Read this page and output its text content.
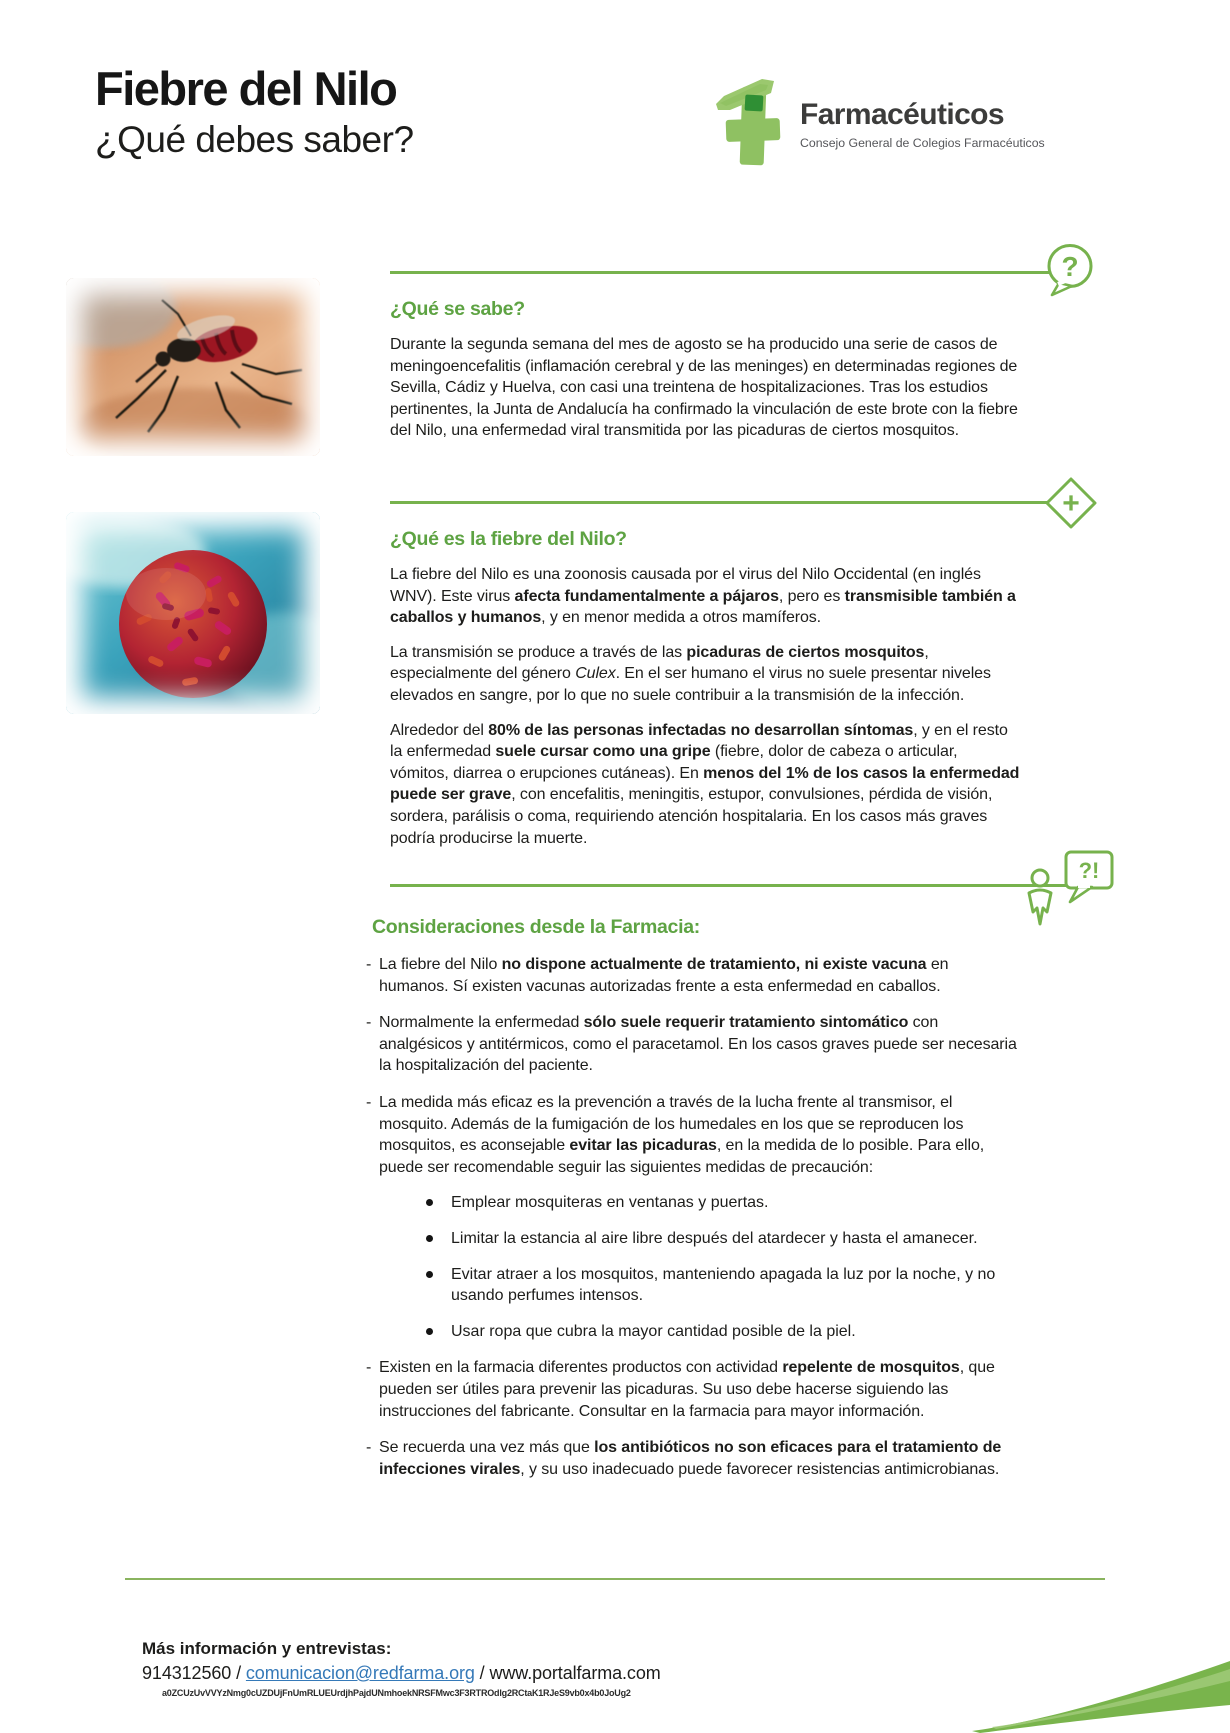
Fiebre del Nilo
¿Qué debes saber?
Farmacéuticos
Consejo General de Colegios Farmacéuticos
?
¿Qué se sabe?

Durante la segunda semana del mes de agosto se ha producido una serie de casos de meningoencefalitis (inflamación cerebral y de las meninges) en determinadas regiones de Sevilla, Cádiz y Huelva, con casi una treintena de hospitalizaciones. Tras los estudios pertinentes, la Junta de Andalucía ha confirmado la vinculación de este brote con la fiebre del Nilo, una enfermedad viral transmitida por las picaduras de ciertos mosquitos.

+
¿Qué es la fiebre del Nilo?

La fiebre del Nilo es una zoonosis causada por el virus del Nilo Occidental (en inglés WNV). Este virus afecta fundamentalmente a pájaros, pero es transmisible también a caballos y humanos, y en menor medida a otros mamíferos.

La transmisión se produce a través de las picaduras de ciertos mosquitos, especialmente del género Culex. En el ser humano el virus no suele presentar niveles elevados en sangre, por lo que no suele contribuir a la transmisión de la infección.

Alrededor del 80% de las personas infectadas no desarrollan síntomas, y en el resto la enfermedad suele cursar como una gripe (fiebre, dolor de cabeza o articular, vómitos, diarrea o erupciones cutáneas). En menos del 1% de los casos la enfermedad puede ser grave, con encefalitis, meningitis, estupor, convulsiones, pérdida de visión, sordera, parálisis o coma, requiriendo atención hospitalaria. En los casos más graves podría producirse la muerte.

?!
Consideraciones desde la Farmacia:
- La fiebre del Nilo no dispone actualmente de tratamiento, ni existe vacuna en humanos. Sí existen vacunas autorizadas frente a esta enfermedad en caballos.
- Normalmente la enfermedad sólo suele requerir tratamiento sintomático con analgésicos y antitérmicos, como el paracetamol. En los casos graves puede ser necesaria la hospitalización del paciente.
- La medida más eficaz es la prevención a través de la lucha frente al transmisor, el mosquito. Además de la fumigación de los humedales en los que se reproducen los mosquitos, es aconsejable evitar las picaduras, en la medida de lo posible. Para ello, puede ser recomendable seguir las siguientes medidas de precaución:
Emplear mosquiteras en ventanas y puertas.
Limitar la estancia al aire libre después del atardecer y hasta el amanecer.
Evitar atraer a los mosquitos, manteniendo apagada la luz por la noche, y no usando perfumes intensos.
Usar ropa que cubra la mayor cantidad posible de la piel.
- Existen en la farmacia diferentes productos con actividad repelente de mosquitos, que pueden ser útiles para prevenir las picaduras. Su uso debe hacerse siguiendo las instrucciones del fabricante. Consultar en la farmacia para mayor información.
- Se recuerda una vez más que los antibióticos no son eficaces para el tratamiento de infecciones virales, y su uso inadecuado puede favorecer resistencias antimicrobianas.
Más información y entrevistas:
914312560 / comunicacion@redfarma.org / www.portalfarma.com
a0ZCUzUvVVYzNmg0cUZDUjFnUmRLUEUrdjhPajdUNmhoekNRSFMwc3F3RTROdlg2RCtaK1RJeS9vb0x4b0JoUg2
